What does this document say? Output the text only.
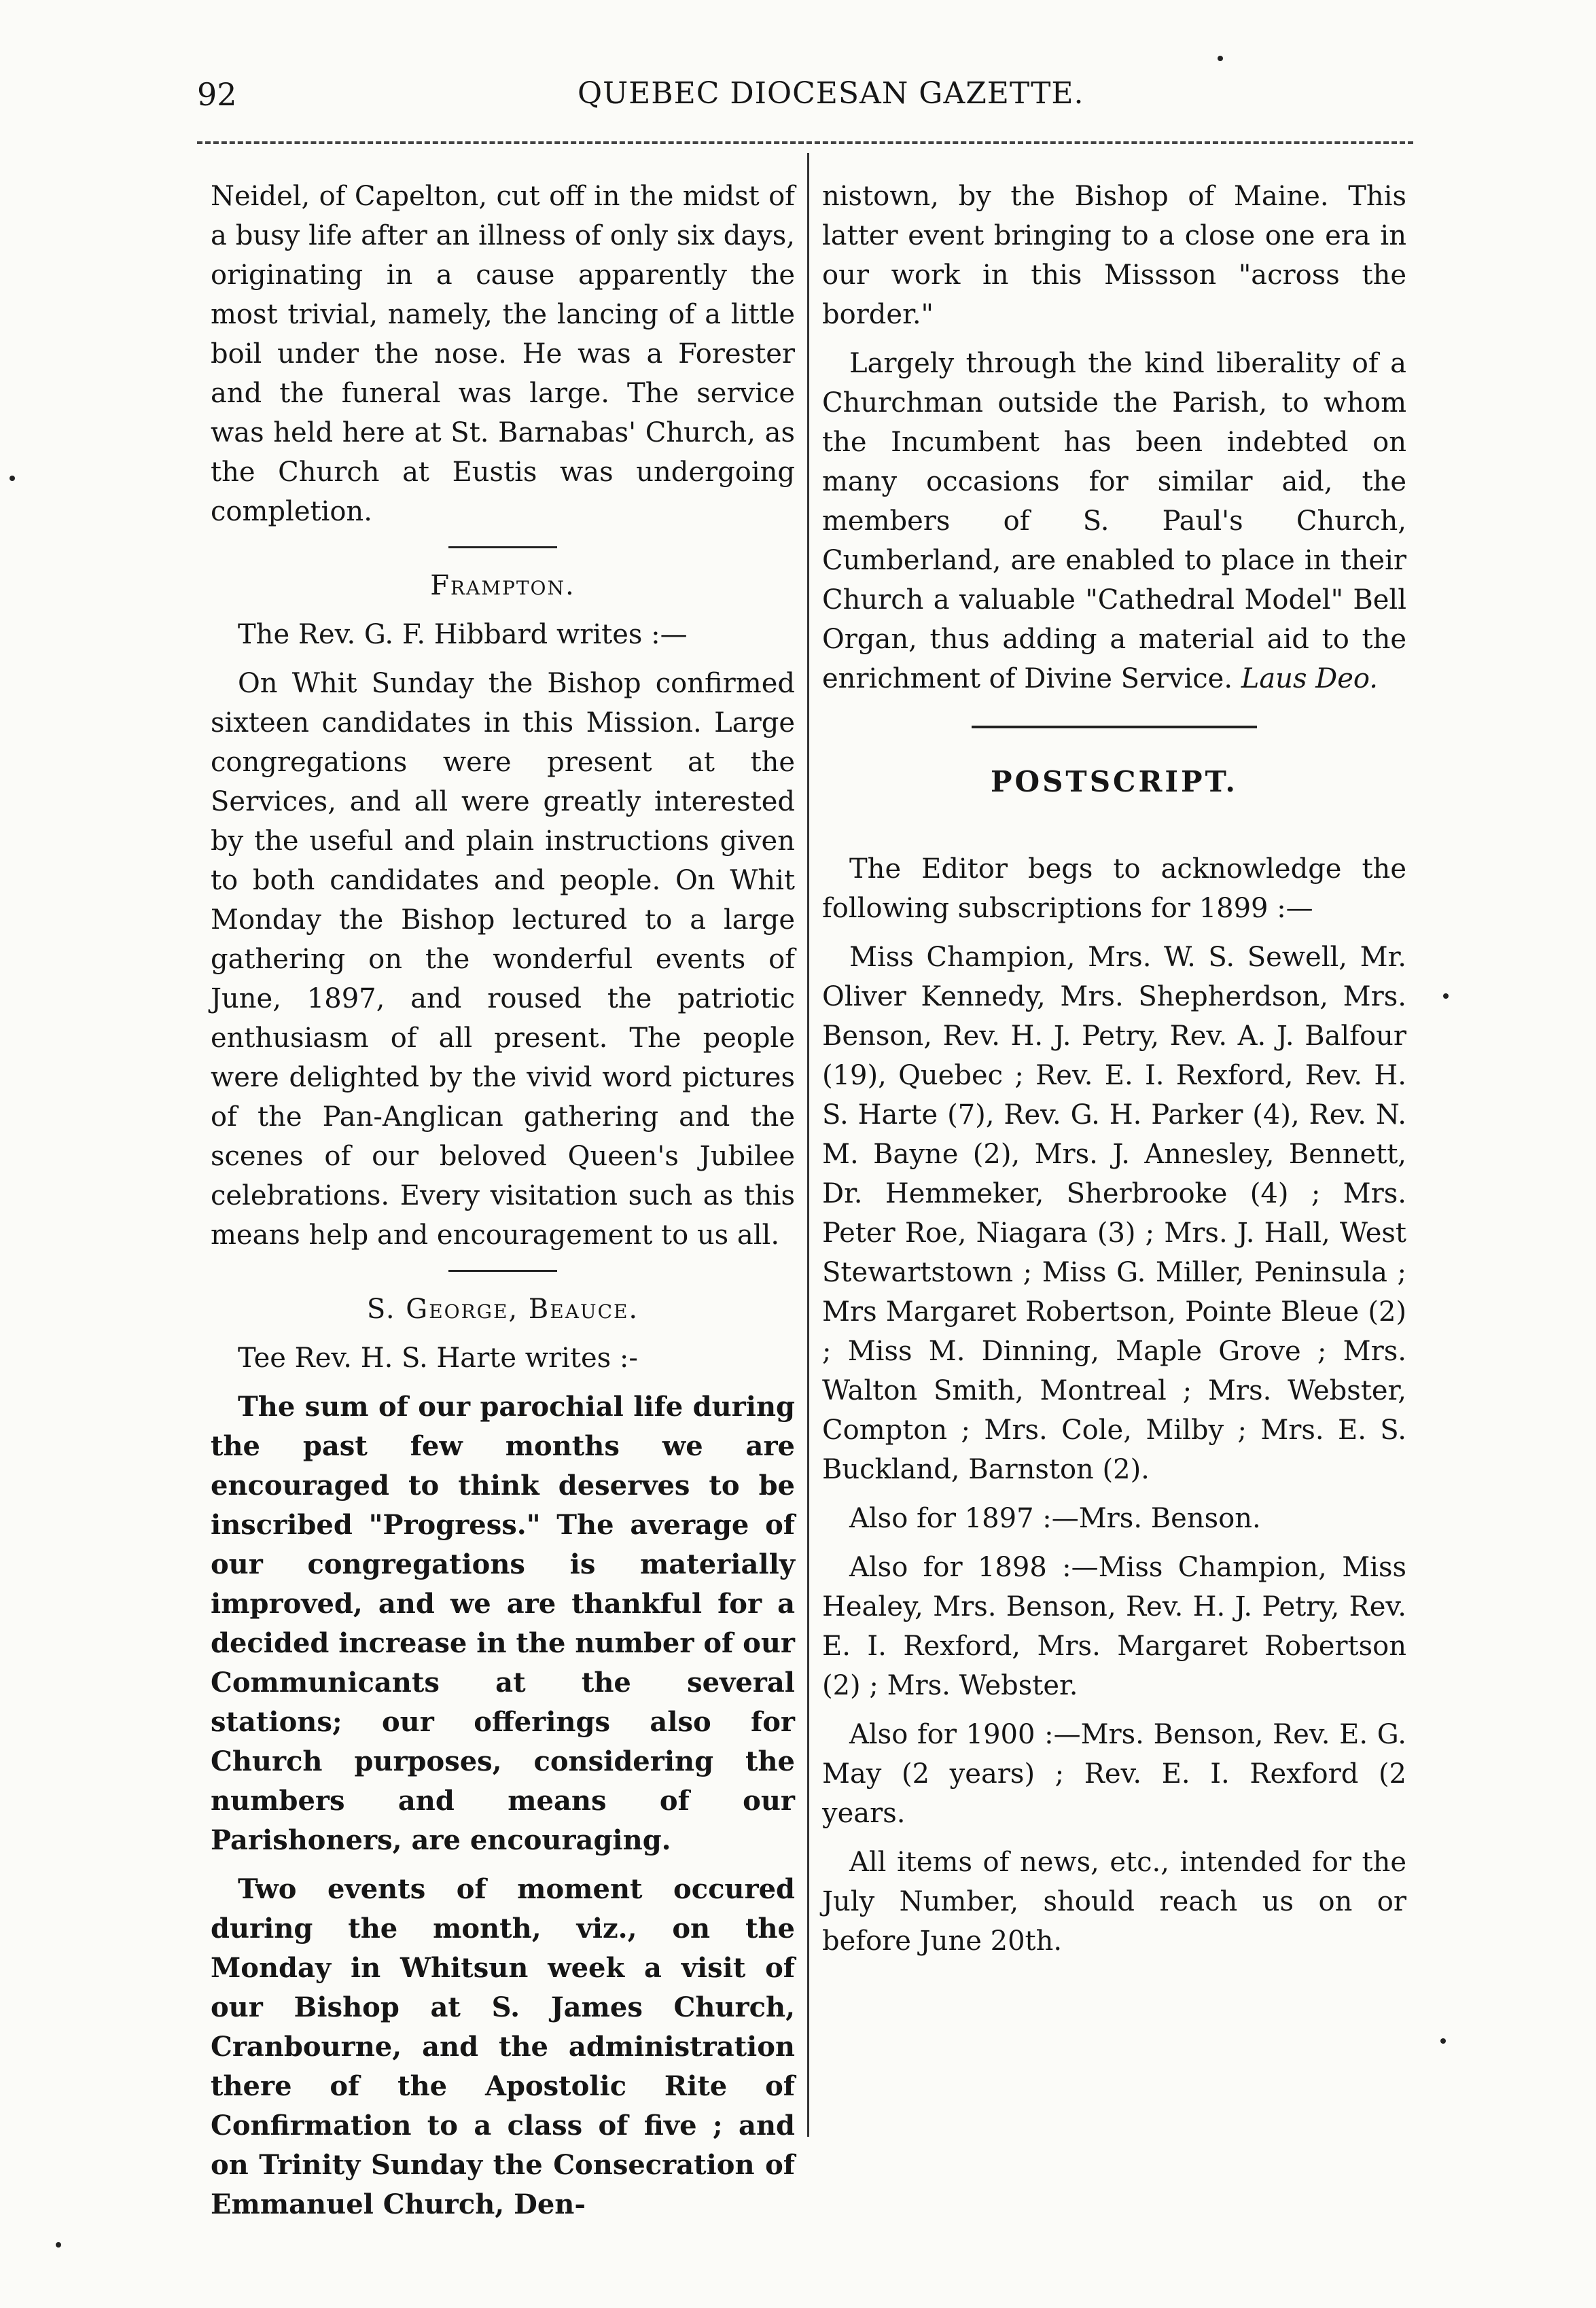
92	QUEBEC DIOCESAN GAZETTE.

Neidel, of Capelton, cut off in the midst of a busy life after an illness of only six days, originating in a cause apparently the most trivial, namely, the lancing of a little boil under the nose. He was a Forester and the funeral was large. The service was held here at St. Barnabas' Church, as the Church at Eustis was undergoing completion.

Frampton.

The Rev. G. F. Hibbard writes :—

On Whit Sunday the Bishop confirmed sixteen candidates in this Mission. Large congregations were present at the Services, and all were greatly interested by the useful and plain instructions given to both candidates and people. On Whit Monday the Bishop lectured to a large gathering on the wonderful events of June, 1897, and roused the patriotic enthusiasm of all present. The people were delighted by the vivid word pictures of the Pan-Anglican gathering and the scenes of our beloved Queen's Jubilee celebrations. Every visitation such as this means help and encouragement to us all.

S. George, Beauce.

Tee Rev. H. S. Harte writes :-

The sum of our parochial life during the past few months we are encouraged to think deserves to be inscribed "Progress." The average of our congregations is materially improved, and we are thankful for a decided increase in the number of our Communicants at the several stations; our offerings also for Church purposes, considering the numbers and means of our Parishoners, are encouraging.

Two events of moment occured during the month, viz., on the Monday in Whitsun week a visit of our Bishop at S. James Church, Cranbourne, and the administration there of the Apostolic Rite of Confirmation to a class of five ; and on Trinity Sunday the Consecration of Emmanuel Church, Den-

nistown, by the Bishop of Maine. This latter event bringing to a close one era in our work in this Missson "across the border."

Largely through the kind liberality of a Churchman outside the Parish, to whom the Incumbent has been indebted on many occasions for similar aid, the members of S. Paul's Church, Cumberland, are enabled to place in their Church a valuable "Cathedral Model" Bell Organ, thus adding a material aid to the enrichment of Divine Service. Laus Deo.

POSTSCRIPT.

The Editor begs to acknowledge the following subscriptions for 1899 :—

Miss Champion, Mrs. W. S. Sewell, Mr. Oliver Kennedy, Mrs. Shepherdson, Mrs. Benson, Rev. H. J. Petry, Rev. A. J. Balfour (19), Quebec ; Rev. E. I. Rexford, Rev. H. S. Harte (7), Rev. G. H. Parker (4), Rev. N. M. Bayne (2), Mrs. J. Annesley, Bennett, Dr. Hemmeker, Sherbrooke (4) ; Mrs. Peter Roe, Niagara (3) ; Mrs. J. Hall, West Stewartstown ; Miss G. Miller, Peninsula ; Mrs Margaret Robertson, Pointe Bleue (2) ; Miss M. Dinning, Maple Grove ; Mrs. Walton Smith, Montreal ; Mrs. Webster, Compton ; Mrs. Cole, Milby ; Mrs. E. S. Buckland, Barnston (2).

Also for 1897 :—Mrs. Benson.

Also for 1898 :—Miss Champion, Miss Healey, Mrs. Benson, Rev. H. J. Petry, Rev. E. I. Rexford, Mrs. Margaret Robertson (2) ; Mrs. Webster.

Also for 1900 :—Mrs. Benson, Rev. E. G. May (2 years) ; Rev. E. I. Rexford (2 years.

All items of news, etc., intended for the July Number, should reach us on or before June 20th.
